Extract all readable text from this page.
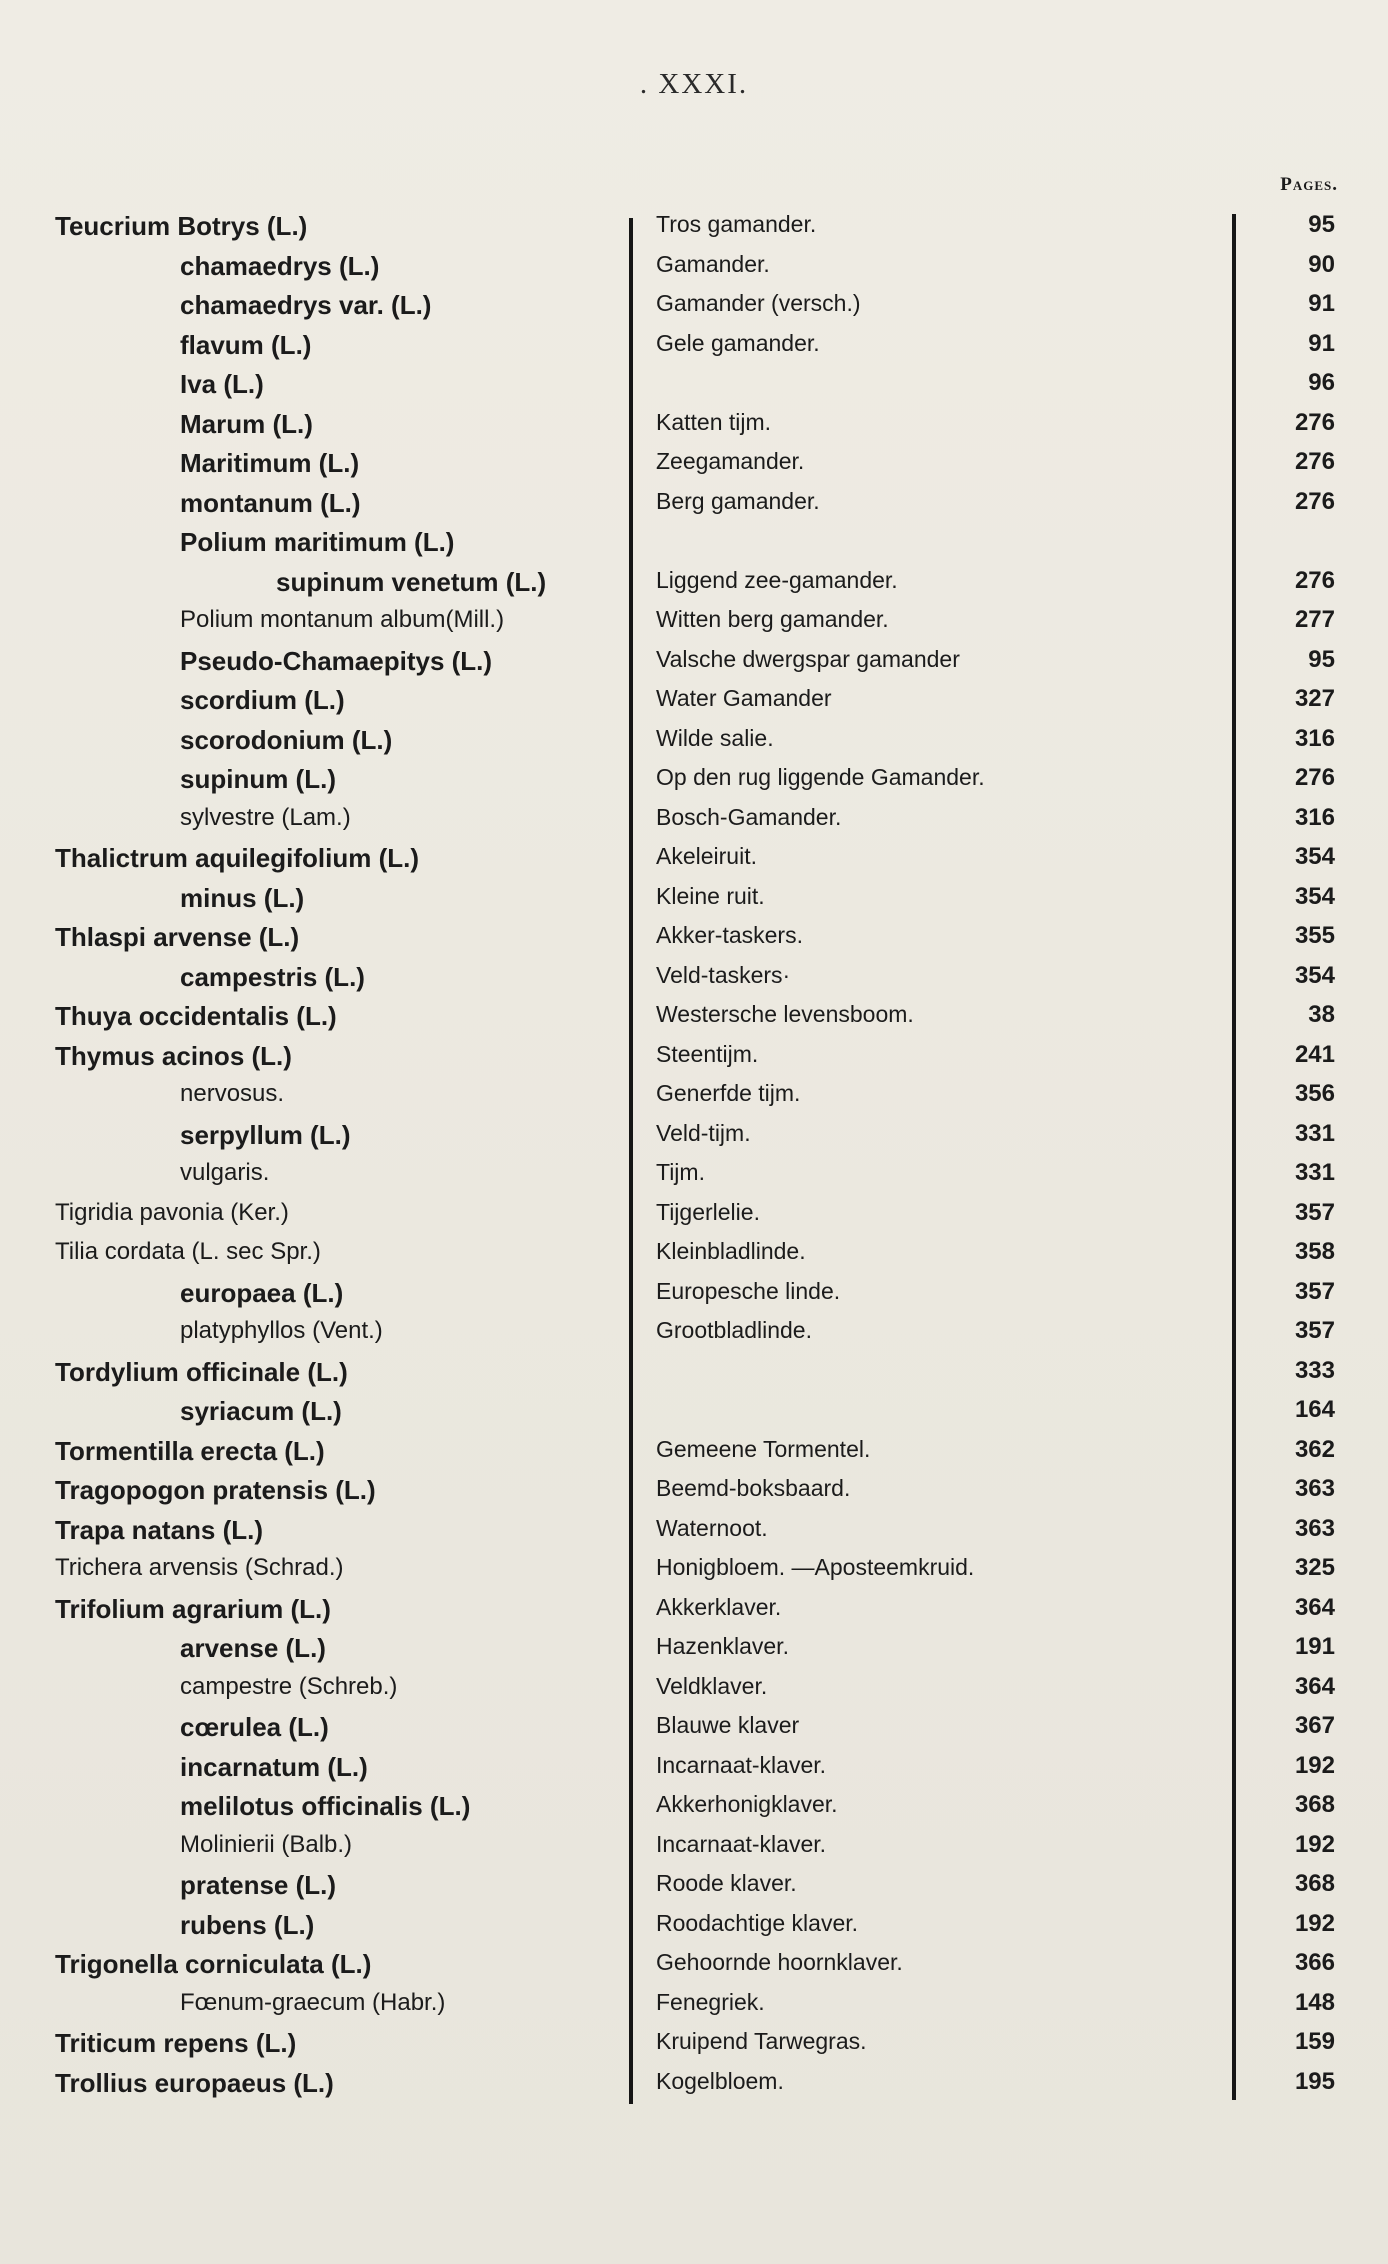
. XXXI.
Pages.
Teucrium Botrys (L.)	Tros gamander.	95
chamaedrys (L.)	Gamander.	90
chamaedrys var. (L.)	Gamander (versch.)	91
flavum (L.)	Gele gamander.	91
Iva (L.)	96
Marum (L.)	Katten tijm.	276
Maritimum (L.)	Zeegamander.	276
montanum (L.)	Berg gamander.	276
Polium maritimum (L.)
supinum venetum (L.)	Liggend zee-gamander.	276
Polium montanum album(Mill.)	Witten berg gamander.	277
Pseudo-Chamaepitys (L.)	Valsche dwergspar gamander	95
scordium (L.)	Water Gamander	327
scorodonium (L.)	Wilde salie.	316
supinum (L.)	Op den rug liggende Gamander.	276
sylvestre (Lam.)	Bosch-Gamander.	316
Thalictrum aquilegifolium (L.)	Akeleiruit.	354
minus (L.)	Kleine ruit.	354
Thlaspi arvense (L.)	Akker-taskers.	355
campestris (L.)	Veld-taskers·	354
Thuya occidentalis (L.)	Westersche levensboom.	38
Thymus acinos (L.)	Steentijm.	241
nervosus.	Generfde tijm.	356
serpyllum (L.)	Veld-tijm.	331
vulgaris.	Tijm.	331
Tigridia pavonia (Ker.)	Tijgerlelie.	357
Tilia cordata (L. sec Spr.)	Kleinbladlinde.	358
europaea (L.)	Europesche linde.	357
platyphyllos (Vent.)	Grootbladlinde.	357
Tordylium officinale (L.)	333
syriacum (L.)	164
Tormentilla erecta (L.)	Gemeene Tormentel.	362
Tragopogon pratensis (L.)	Beemd-boksbaard.	363
Trapa natans (L.)	Waternoot.	363
Trichera arvensis (Schrad.)	Honigbloem. —Aposteemkruid.	325
Trifolium agrarium (L.)	Akkerklaver.	364
arvense (L.)	Hazenklaver.	191
campestre (Schreb.)	Veldklaver.	364
cœrulea (L.)	Blauwe klaver	367
incarnatum (L.)	Incarnaat-klaver.	192
melilotus officinalis (L.)	Akkerhonigklaver.	368
Molinierii (Balb.)	Incarnaat-klaver.	192
pratense (L.)	Roode klaver.	368
rubens (L.)	Roodachtige klaver.	192
Trigonella corniculata (L.)	Gehoornde hoornklaver.	366
Fœnum-graecum (Habr.)	Fenegriek.	148
Triticum repens (L.)	Kruipend Tarwegras.	159
Trollius europaeus (L.)	Kogelbloem.	195
